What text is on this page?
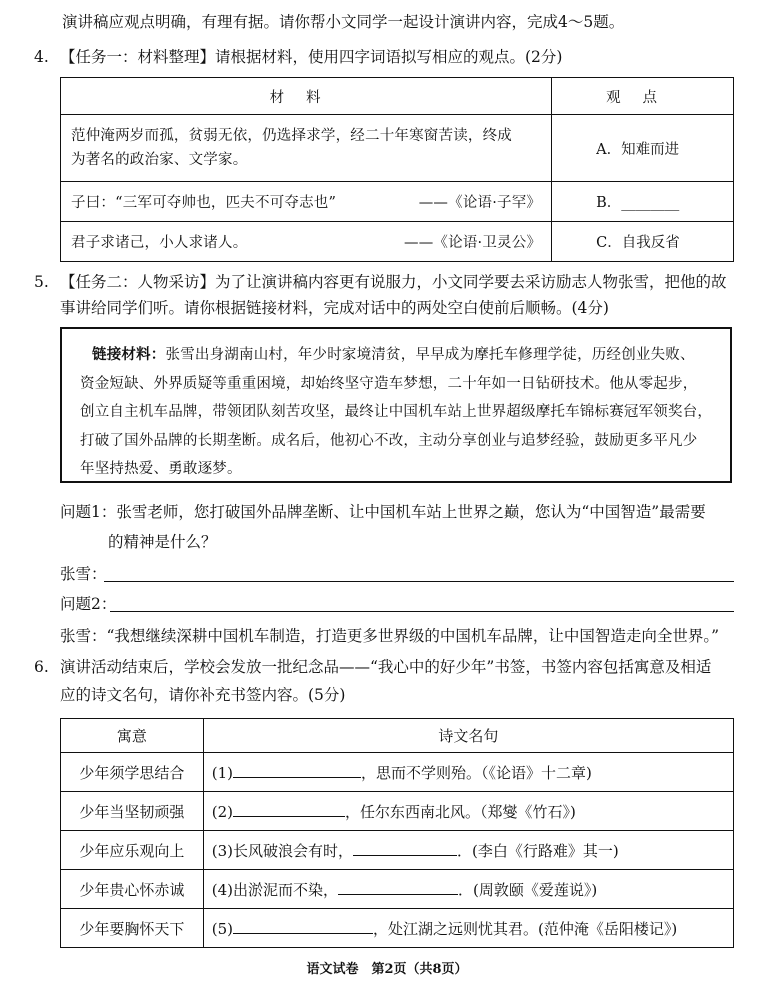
演讲稿应观点明确，有理有据。请你帮小文同学一起设计演讲内容，完成4～5题。
4. 【任务一：材料整理】请根据材料，使用四字词语拟写相应的观点。(2分)
材料	观点

范仲淹两岁而孤，贫弱无依，仍选择求学，经二十年寒窗苦读，终成
为著名的政治家、文学家。	A．知难而进
子曰：“三军可夺帅也，匹夫不可夺志也” ——《论语·子罕》	B．________
君子求诸己，小人求诸人。 ——《论语·卫灵公》	C．自我反省
5. 【任务二：人物采访】为了让演讲稿内容更有说服力，小文同学要去采访励志人物张雪，把他的故
事讲给同学们听。请你根据链接材料，完成对话中的两处空白使前后顺畅。(4分)
链接材料：张雪出身湖南山村，年少时家境清贫，早早成为摩托车修理学徒，历经创业失败、
资金短缺、外界质疑等重重困境，却始终坚守造车梦想，二十年如一日钻研技术。他从零起步，
创立自主机车品牌，带领团队刻苦攻坚，最终让中国机车站上世界超级摩托车锦标赛冠军领奖台，
打破了国外品牌的长期垄断。成名后，他初心不改，主动分享创业与追梦经验，鼓励更多平凡少
年坚持热爱、勇敢逐梦。
问题1：张雪老师，您打破国外品牌垄断、让中国机车站上世界之巅，您认为“中国智造”最需要
的精神是什么？
张雪：
问题2：
张雪：“我想继续深耕中国机车制造，打造更多世界级的中国机车品牌，让中国智造走向全世界。”
6. 演讲活动结束后，学校会发放一批纪念品——“我心中的好少年”书签，书签内容包括寓意及相适
应的诗文名句，请你补充书签内容。(5分)
寓意	诗文名句
少年须学思结合	(1) ，思而不学则殆。（《论语》十二章)
少年当坚韧顽强	(2) ，任尔东西南北风。（郑燮《竹石》)
少年应乐观向上	(3)长风破浪会有时， ．(李白《行路难》其一)
少年贵心怀赤诚	(4)出淤泥而不染， ．(周敦颐《爱莲说》)
少年要胸怀天下	(5) ，处江湖之远则忧其君。(范仲淹《岳阳楼记》)
语文试卷　第2页（共8页）
